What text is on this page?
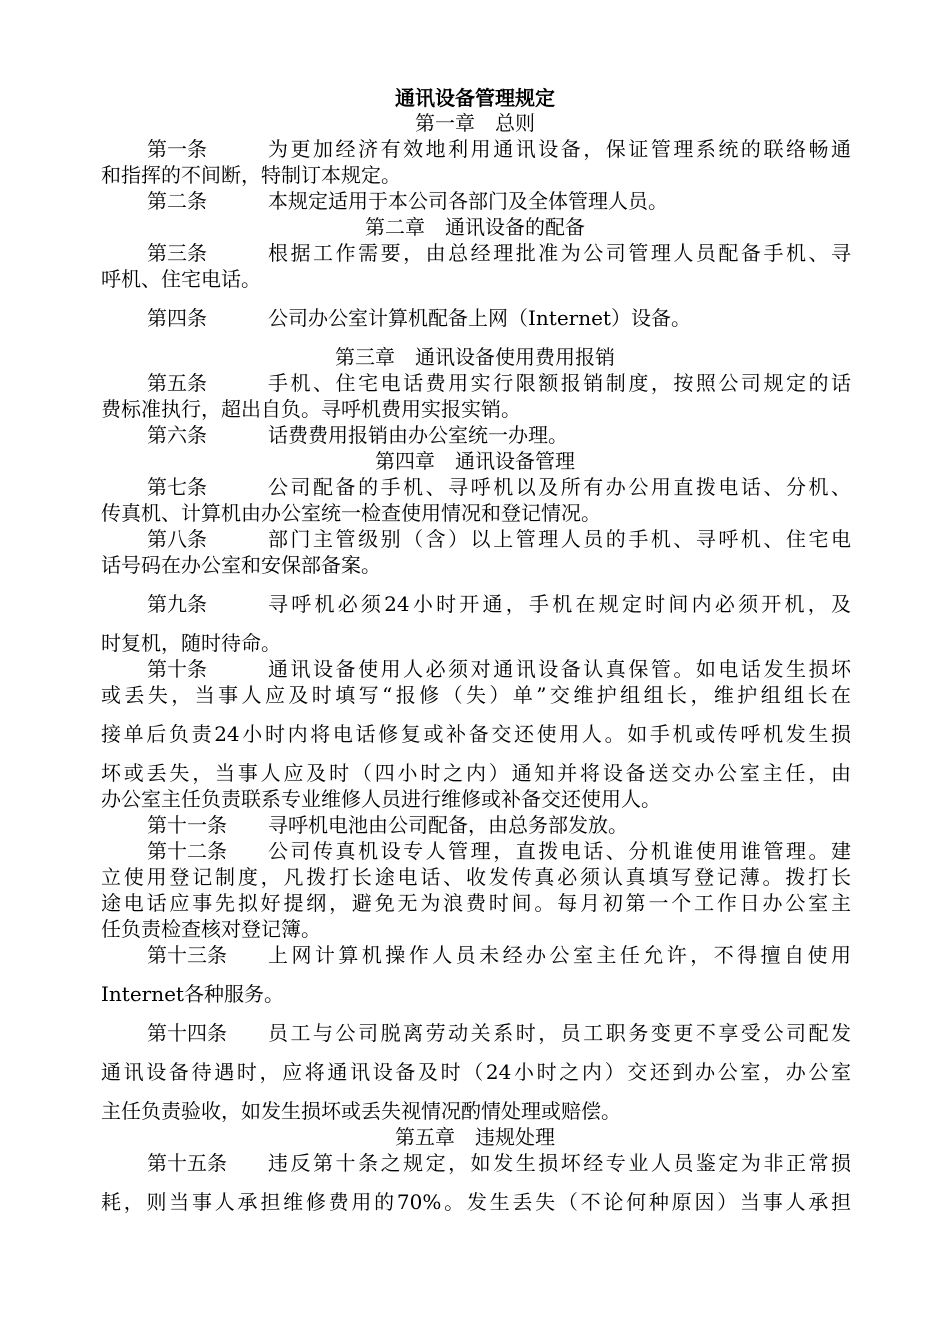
通讯设备管理规定
第一章　总则
第一条	为更加经济有效地利用通讯设备，保证管理系统的联络畅通
和指挥的不间断，特制订本规定。
第二条	本规定适用于本公司各部门及全体管理人员。
第二章　通讯设备的配备
第三条	根据工作需要，由总经理批准为公司管理人员配备手机、寻
呼机、住宅电话。
第四条	公司办公室计算机配备上网（Internet）设备。
第三章　通讯设备使用费用报销
第五条	手机、住宅电话费用实行限额报销制度，按照公司规定的话
费标准执行，超出自负。寻呼机费用实报实销。
第六条	话费费用报销由办公室统一办理。
第四章　通讯设备管理
第七条	公司配备的手机、寻呼机以及所有办公用直拨电话、分机、
传真机、计算机由办公室统一检查使用情况和登记情况。
第八条	部门主管级别（含）以上管理人员的手机、寻呼机、住宅电
话号码在办公室和安保部备案。
第九条	寻呼机必须24小时开通，手机在规定时间内必须开机，及
时复机，随时待命。
第十条	通讯设备使用人必须对通讯设备认真保管。如电话发生损坏
或丢失，当事人应及时填写“报修（失）单”交维护组组长，维护组组长在
接单后负责24小时内将电话修复或补备交还使用人。如手机或传呼机发生损
坏或丢失，当事人应及时（四小时之内）通知并将设备送交办公室主任，由
办公室主任负责联系专业维修人员进行维修或补备交还使用人。
第十一条 寻呼机电池由公司配备，由总务部发放。
第十二条 公司传真机设专人管理，直拨电话、分机谁使用谁管理。建
立使用登记制度，凡拨打长途电话、收发传真必须认真填写登记薄。拨打长
途电话应事先拟好提纲，避免无为浪费时间。每月初第一个工作日办公室主
任负责检查核对登记簿。
第十三条 上网计算机操作人员未经办公室主任允许，不得擅自使用
Internet各种服务。
第十四条 员工与公司脱离劳动关系时，员工职务变更不享受公司配发
通讯设备待遇时，应将通讯设备及时（24小时之内）交还到办公室，办公室
主任负责验收，如发生损坏或丢失视情况酌情处理或赔偿。
第五章　违规处理
第十五条 违反第十条之规定，如发生损坏经专业人员鉴定为非正常损
耗，则当事人承担维修费用的70%。发生丢失（不论何种原因）当事人承担
